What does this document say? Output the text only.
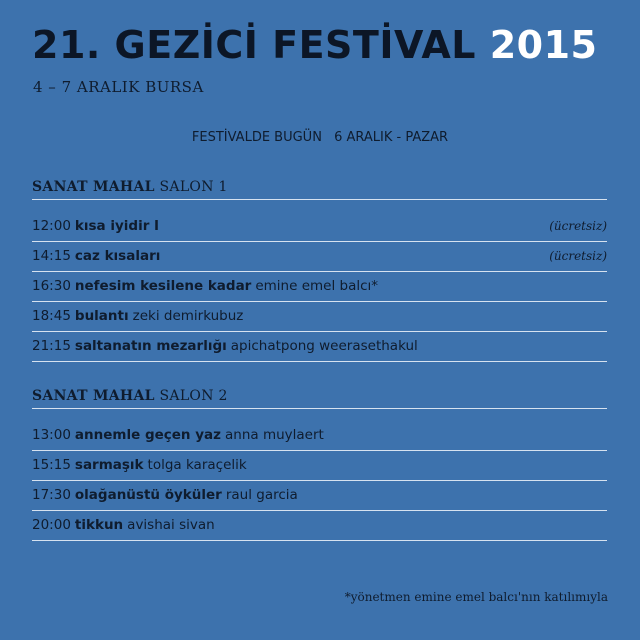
21. GEZİCİ FESTİVAL 2015
4 – 7 ARALIK BURSA
FESTİVALDE BUGÜN 6 ARALIK - PAZAR
SANAT MAHAL SALON 1
12:00 kısa iyidir I	(ücretsiz)
14:15 caz kısaları	(ücretsiz)
16:30 nefesim kesilene kadar emine emel balcı*
18:45 bulantı zeki demirkubuz
21:15 saltanatın mezarlığı apichatpong weerasethakul
SANAT MAHAL SALON 2
13:00 annemle geçen yaz anna muylaert
15:15 sarmaşık tolga karaçelik
17:30 olağanüstü öyküler raul garcia
20:00 tikkun avishai sivan
*yönetmen emine emel balcı'nın katılımıyla
